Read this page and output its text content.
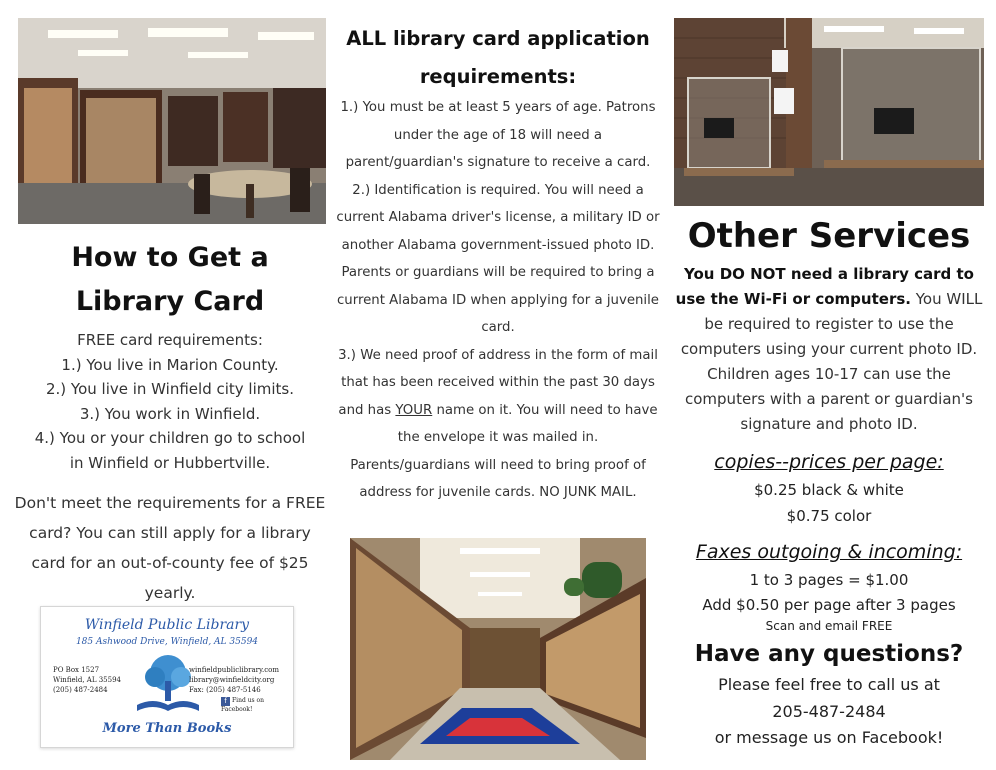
How to Get a
Library Card
FREE card requirements:
1.) You live in Marion County.
2.) You live in Winfield city limits.
3.) You work in Winfield.
4.) You or your children go to school
in Winfield or Hubbertville.
Don't meet the requirements for a FREE card? You can still apply for a library card for an out-of-county fee of $25 yearly.
Winfield Public Library
185 Ashwood Drive, Winfield, AL 35594
PO Box 1527
Winfield, AL 35594
(205) 487-2484
winfieldpubliclibrary.com
library@winfieldcity.org
Fax: (205) 487-5146
f Find us on Facebook!
More Than Books
ALL library card application
requirements:
1.) You must be at least 5 years of age. Patrons under the age of 18 will need a parent/guardian's signature to receive a card.
2.) Identification is required. You will need a current Alabama driver's license, a military ID or another Alabama government-issued photo ID. Parents or guardians will be required to bring a current Alabama ID when applying for a juvenile card.
3.) We need proof of address in the form of mail that has been received within the past 30 days and has YOUR name on it. You will need to have the envelope it was mailed in. Parents/guardians will need to bring proof of address for juvenile cards. NO JUNK MAIL.
Other Services
You DO NOT need a library card to use the Wi-Fi or computers. You WILL be required to register to use the computers using your current photo ID. Children ages 10-17 can use the computers with a parent or guardian's signature and photo ID.
copies--prices per page:
$0.25 black & white
$0.75 color
Faxes outgoing & incoming:
1 to 3 pages = $1.00
Add $0.50 per page after 3 pages
Scan and email FREE
Have any questions?
Please feel free to call us at
205-487-2484
or message us on Facebook!
